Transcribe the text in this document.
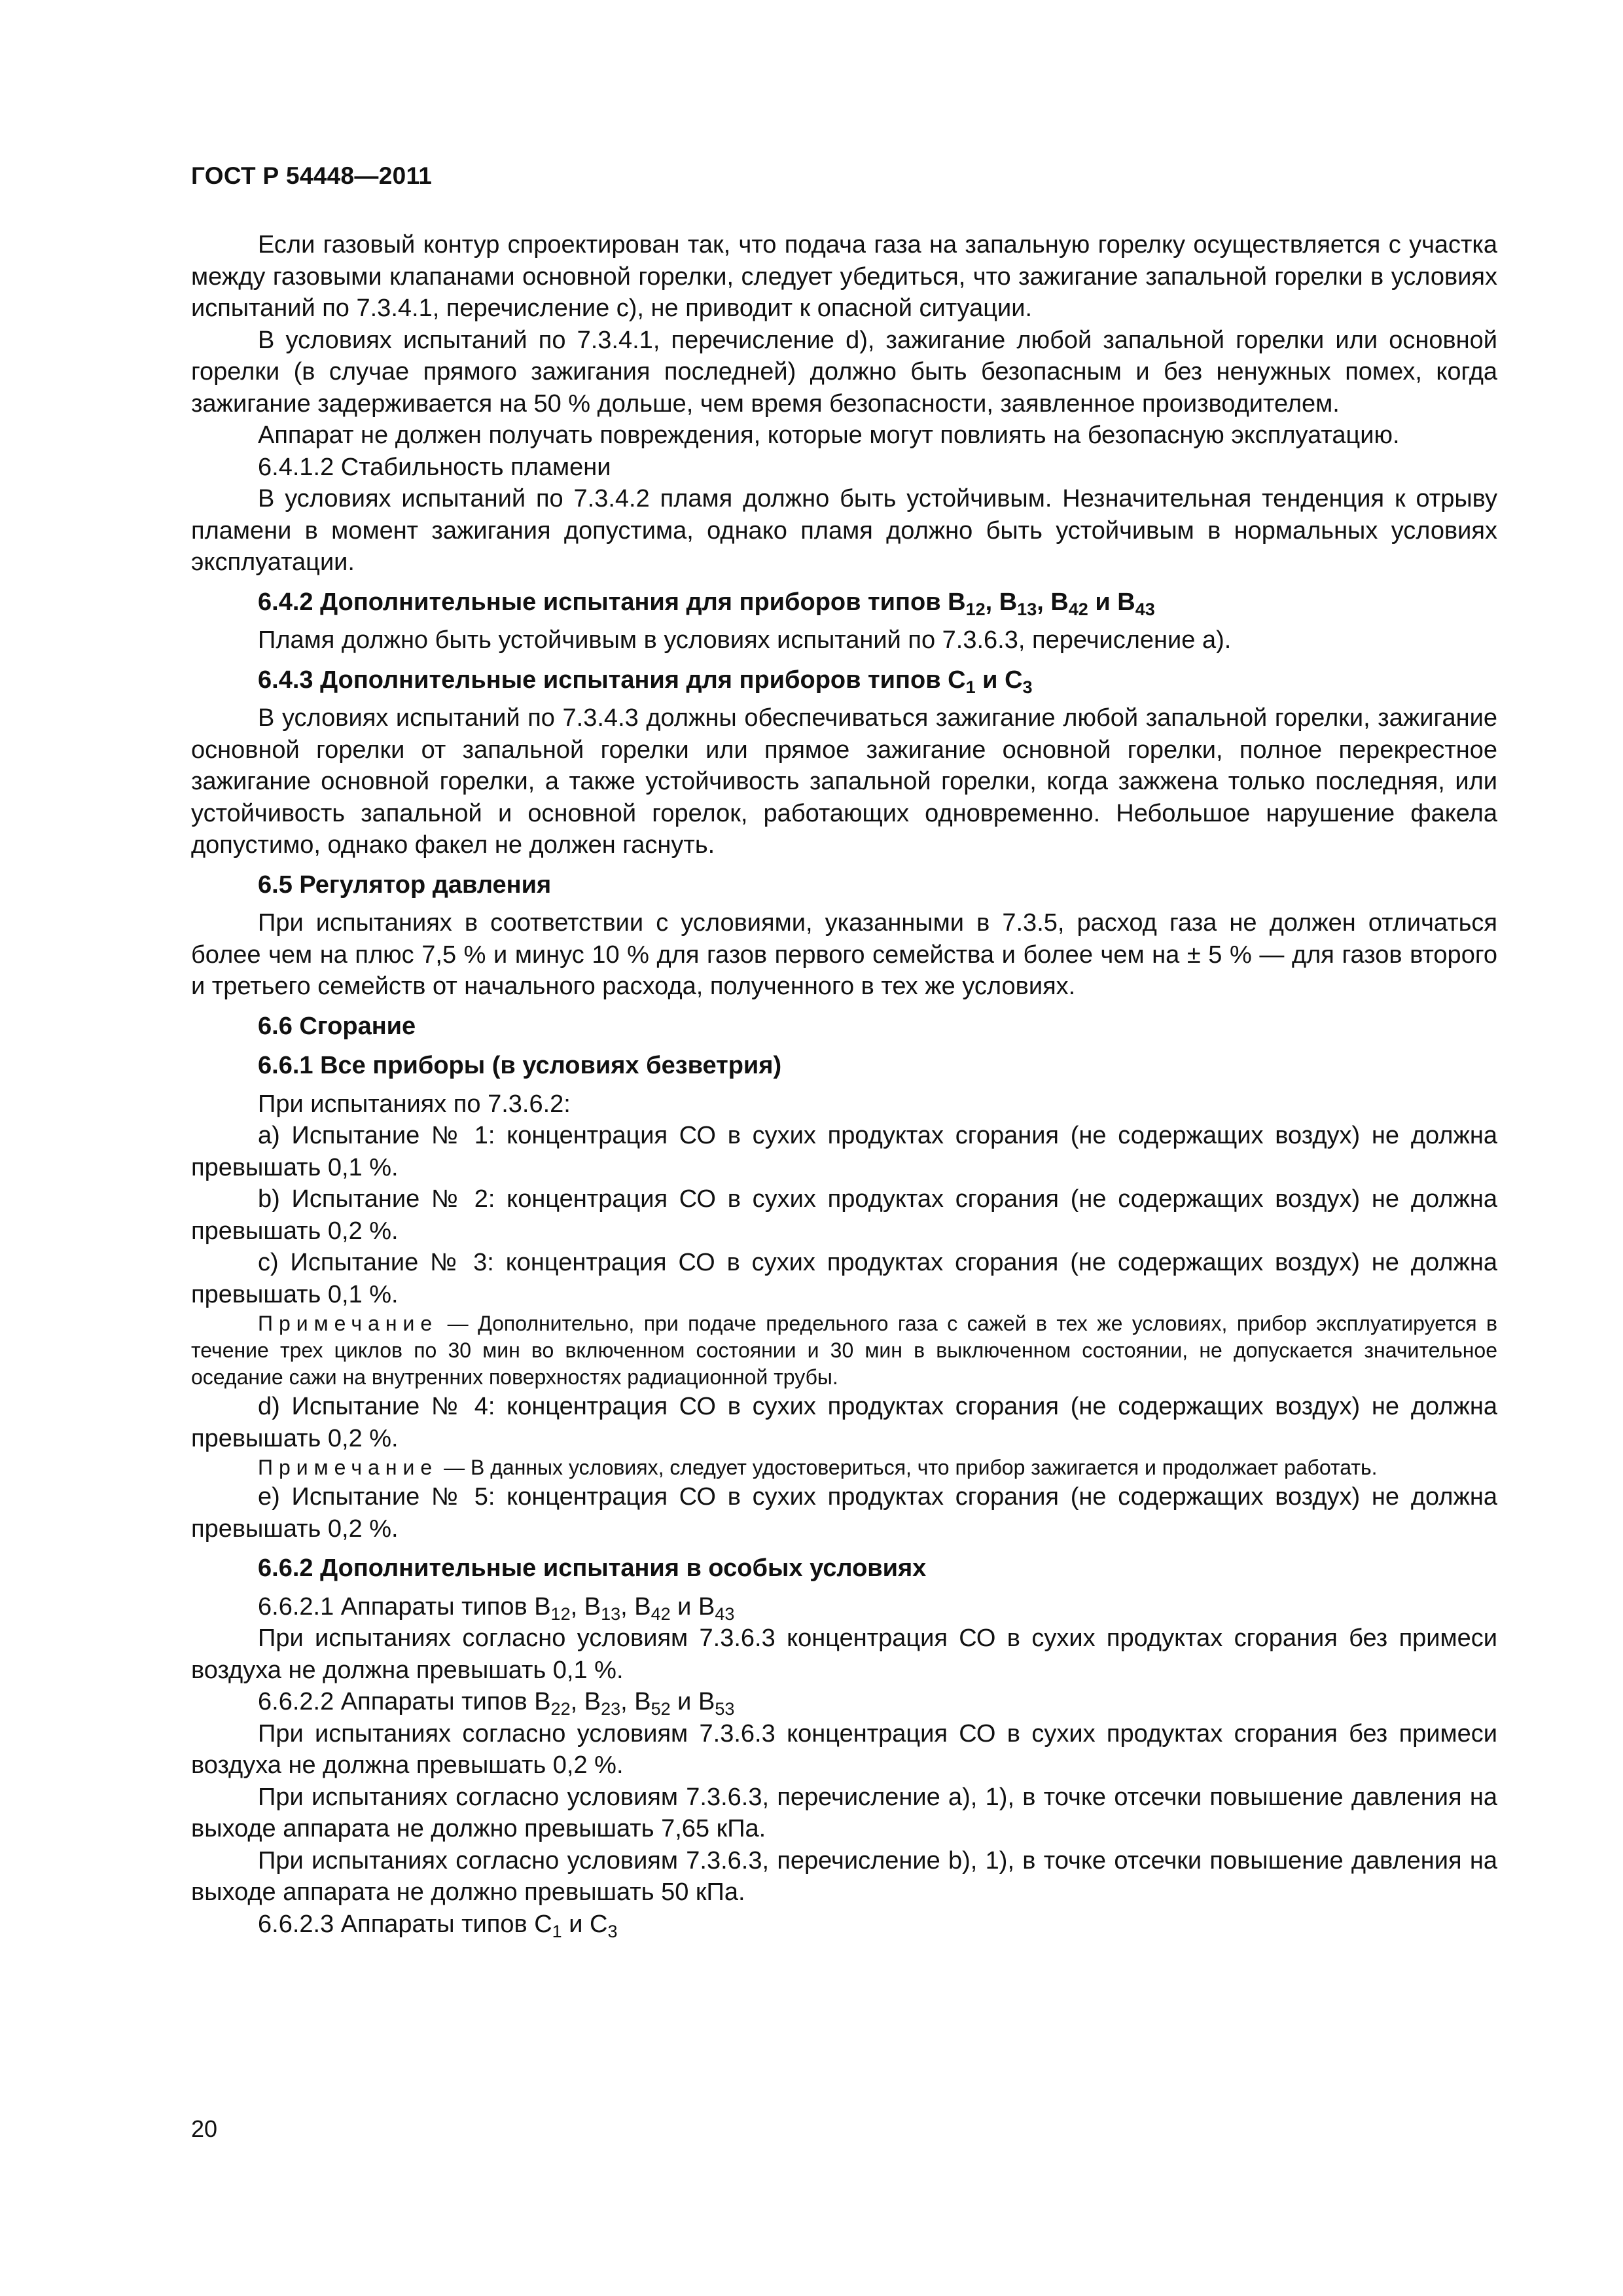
ГОСТ Р 54448—2011

Если газовый контур спроектирован так, что подача газа на запальную горелку осуществляется с участка между газовыми клапанами основной горелки, следует убедиться, что зажигание запальной горелки в условиях испытаний по 7.3.4.1, перечисление с), не приводит к опасной ситуации.

В условиях испытаний по 7.3.4.1, перечисление d), зажигание любой запальной горелки или основной горелки (в случае прямого зажигания последней) должно быть безопасным и без ненужных помех, когда зажигание задерживается на 50 % дольше, чем время безопасности, заявленное производителем.

Аппарат не должен получать повреждения, которые могут повлиять на безопасную эксплуатацию.

6.4.1.2 Стабильность пламени

В условиях испытаний по 7.3.4.2 пламя должно быть устойчивым. Незначительная тенденция к отрыву пламени в момент зажигания допустима, однако пламя должно быть устойчивым в нормальных условиях эксплуатации.

6.4.2 Дополнительные испытания для приборов типов $В_{12}$, $В_{13}$, $В_{42}$ и $В_{43}$

Пламя должно быть устойчивым в условиях испытаний по 7.3.6.3, перечисление а).

6.4.3 Дополнительные испытания для приборов типов $С_1$ и $С_3$

В условиях испытаний по 7.3.4.3 должны обеспечиваться зажигание любой запальной горелки, зажигание основной горелки от запальной горелки или прямое зажигание основной горелки, полное перекрестное зажигание основной горелки, а также устойчивость запальной горелки, когда зажжена только последняя, или устойчивость запальной и основной горелок, работающих одновременно. Небольшое нарушение факела допустимо, однако факел не должен гаснуть.

6.5 Регулятор давления

При испытаниях в соответствии с условиями, указанными в 7.3.5, расход газа не должен отличаться более чем на плюс 7,5 % и минус 10 % для газов первого семейства и более чем на ± 5 % — для газов второго и третьего семейств от начального расхода, полученного в тех же условиях.

6.6 Сгорание

6.6.1 Все приборы (в условиях безветрия)

При испытаниях по 7.3.6.2:

а) Испытание № 1: концентрация СО в сухих продуктах сгорания (не содержащих воздух) не должна превышать 0,1 %.

b) Испытание № 2: концентрация СО в сухих продуктах сгорания (не содержащих воздух) не должна превышать 0,2 %.

с) Испытание № 3: концентрация СО в сухих продуктах сгорания (не содержащих воздух) не должна превышать 0,1 %.

Примечание — Дополнительно, при подаче предельного газа с сажей в тех же условиях, прибор эксплуатируется в течение трех циклов по 30 мин во включенном состоянии и 30 мин в выключенном состоянии, не допускается значительное оседание сажи на внутренних поверхностях радиационной трубы.

d) Испытание № 4: концентрация СО в сухих продуктах сгорания (не содержащих воздух) не должна превышать 0,2 %.

Примечание — В данных условиях, следует удостовериться, что прибор зажигается и продолжает работать.

е) Испытание № 5: концентрация СО в сухих продуктах сгорания (не содержащих воздух) не должна превышать 0,2 %.

6.6.2 Дополнительные испытания в особых условиях

6.6.2.1 Аппараты типов $В_{12}$, $В_{13}$, $В_{42}$ и $В_{43}$

При испытаниях согласно условиям 7.3.6.3 концентрация СО в сухих продуктах сгорания без примеси воздуха не должна превышать 0,1 %.

6.6.2.2 Аппараты типов $В_{22}$, $В_{23}$, $В_{52}$ и $В_{53}$

При испытаниях согласно условиям 7.3.6.3 концентрация СО в сухих продуктах сгорания без примеси воздуха не должна превышать 0,2 %.

При испытаниях согласно условиям 7.3.6.3, перечисление а), 1), в точке отсечки повышение давления на выходе аппарата не должно превышать 7,65 кПа.

При испытаниях согласно условиям 7.3.6.3, перечисление b), 1), в точке отсечки повышение давления на выходе аппарата не должно превышать 50 кПа.

6.6.2.3 Аппараты типов $С_1$ и $С_3$

20
